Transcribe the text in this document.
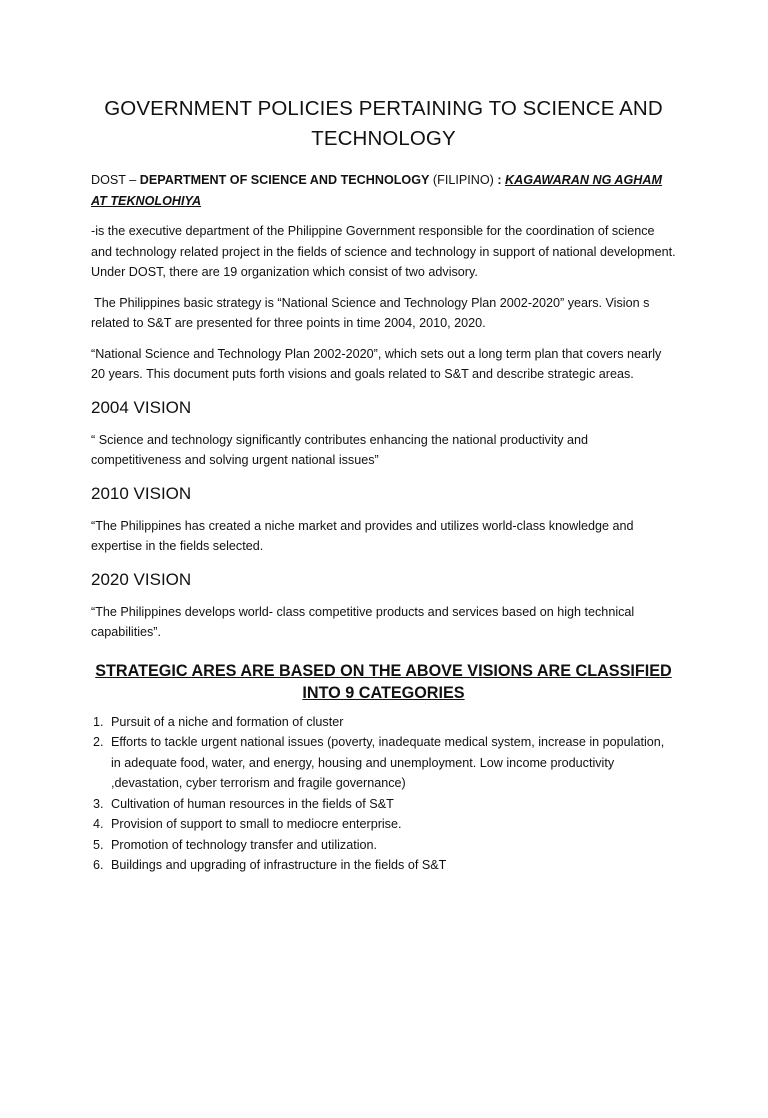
GOVERNMENT POLICIES PERTAINING TO SCIENCE AND
TECHNOLOGY

DOST – DEPARTMENT OF SCIENCE AND TECHNOLOGY (FILIPINO) : KAGAWARAN NG AGHAM AT TEKNOLOHIYA

-is the executive department of the Philippine Government responsible for the coordination of science and technology related project in the fields of science and technology in support of national development. Under DOST, there are 19 organization which consist of two advisory.

The Philippines basic strategy is “National Science and Technology Plan 2002-2020” years. Vision s related to S&T are presented for three points in time 2004, 2010, 2020.

“National Science and Technology Plan 2002-2020”, which sets out a long term plan that covers nearly 20 years. This document puts forth visions and goals related to S&T and describe strategic areas.

2004 VISION

“ Science and technology significantly contributes enhancing the national productivity and competitiveness and solving urgent national issues”

2010 VISION

“The Philippines has created a niche market and provides and utilizes world-class knowledge and expertise in the fields selected.

2020 VISION

“The Philippines develops world- class competitive products and services based on high technical capabilities”.

STRATEGIC ARES ARE BASED ON THE ABOVE VISIONS ARE CLASSIFIED
INTO 9 CATEGORIES
1. Pursuit of a niche and formation of cluster
2. Efforts to tackle urgent national issues (poverty, inadequate medical system, increase in population, in adequate food, water, and energy, housing and unemployment. Low income productivity ,devastation, cyber terrorism and fragile governance)
3. Cultivation of human resources in the fields of S&T
4. Provision of support to small to mediocre enterprise.
5. Promotion of technology transfer and utilization.
6. Buildings and upgrading of infrastructure in the fields of S&T
